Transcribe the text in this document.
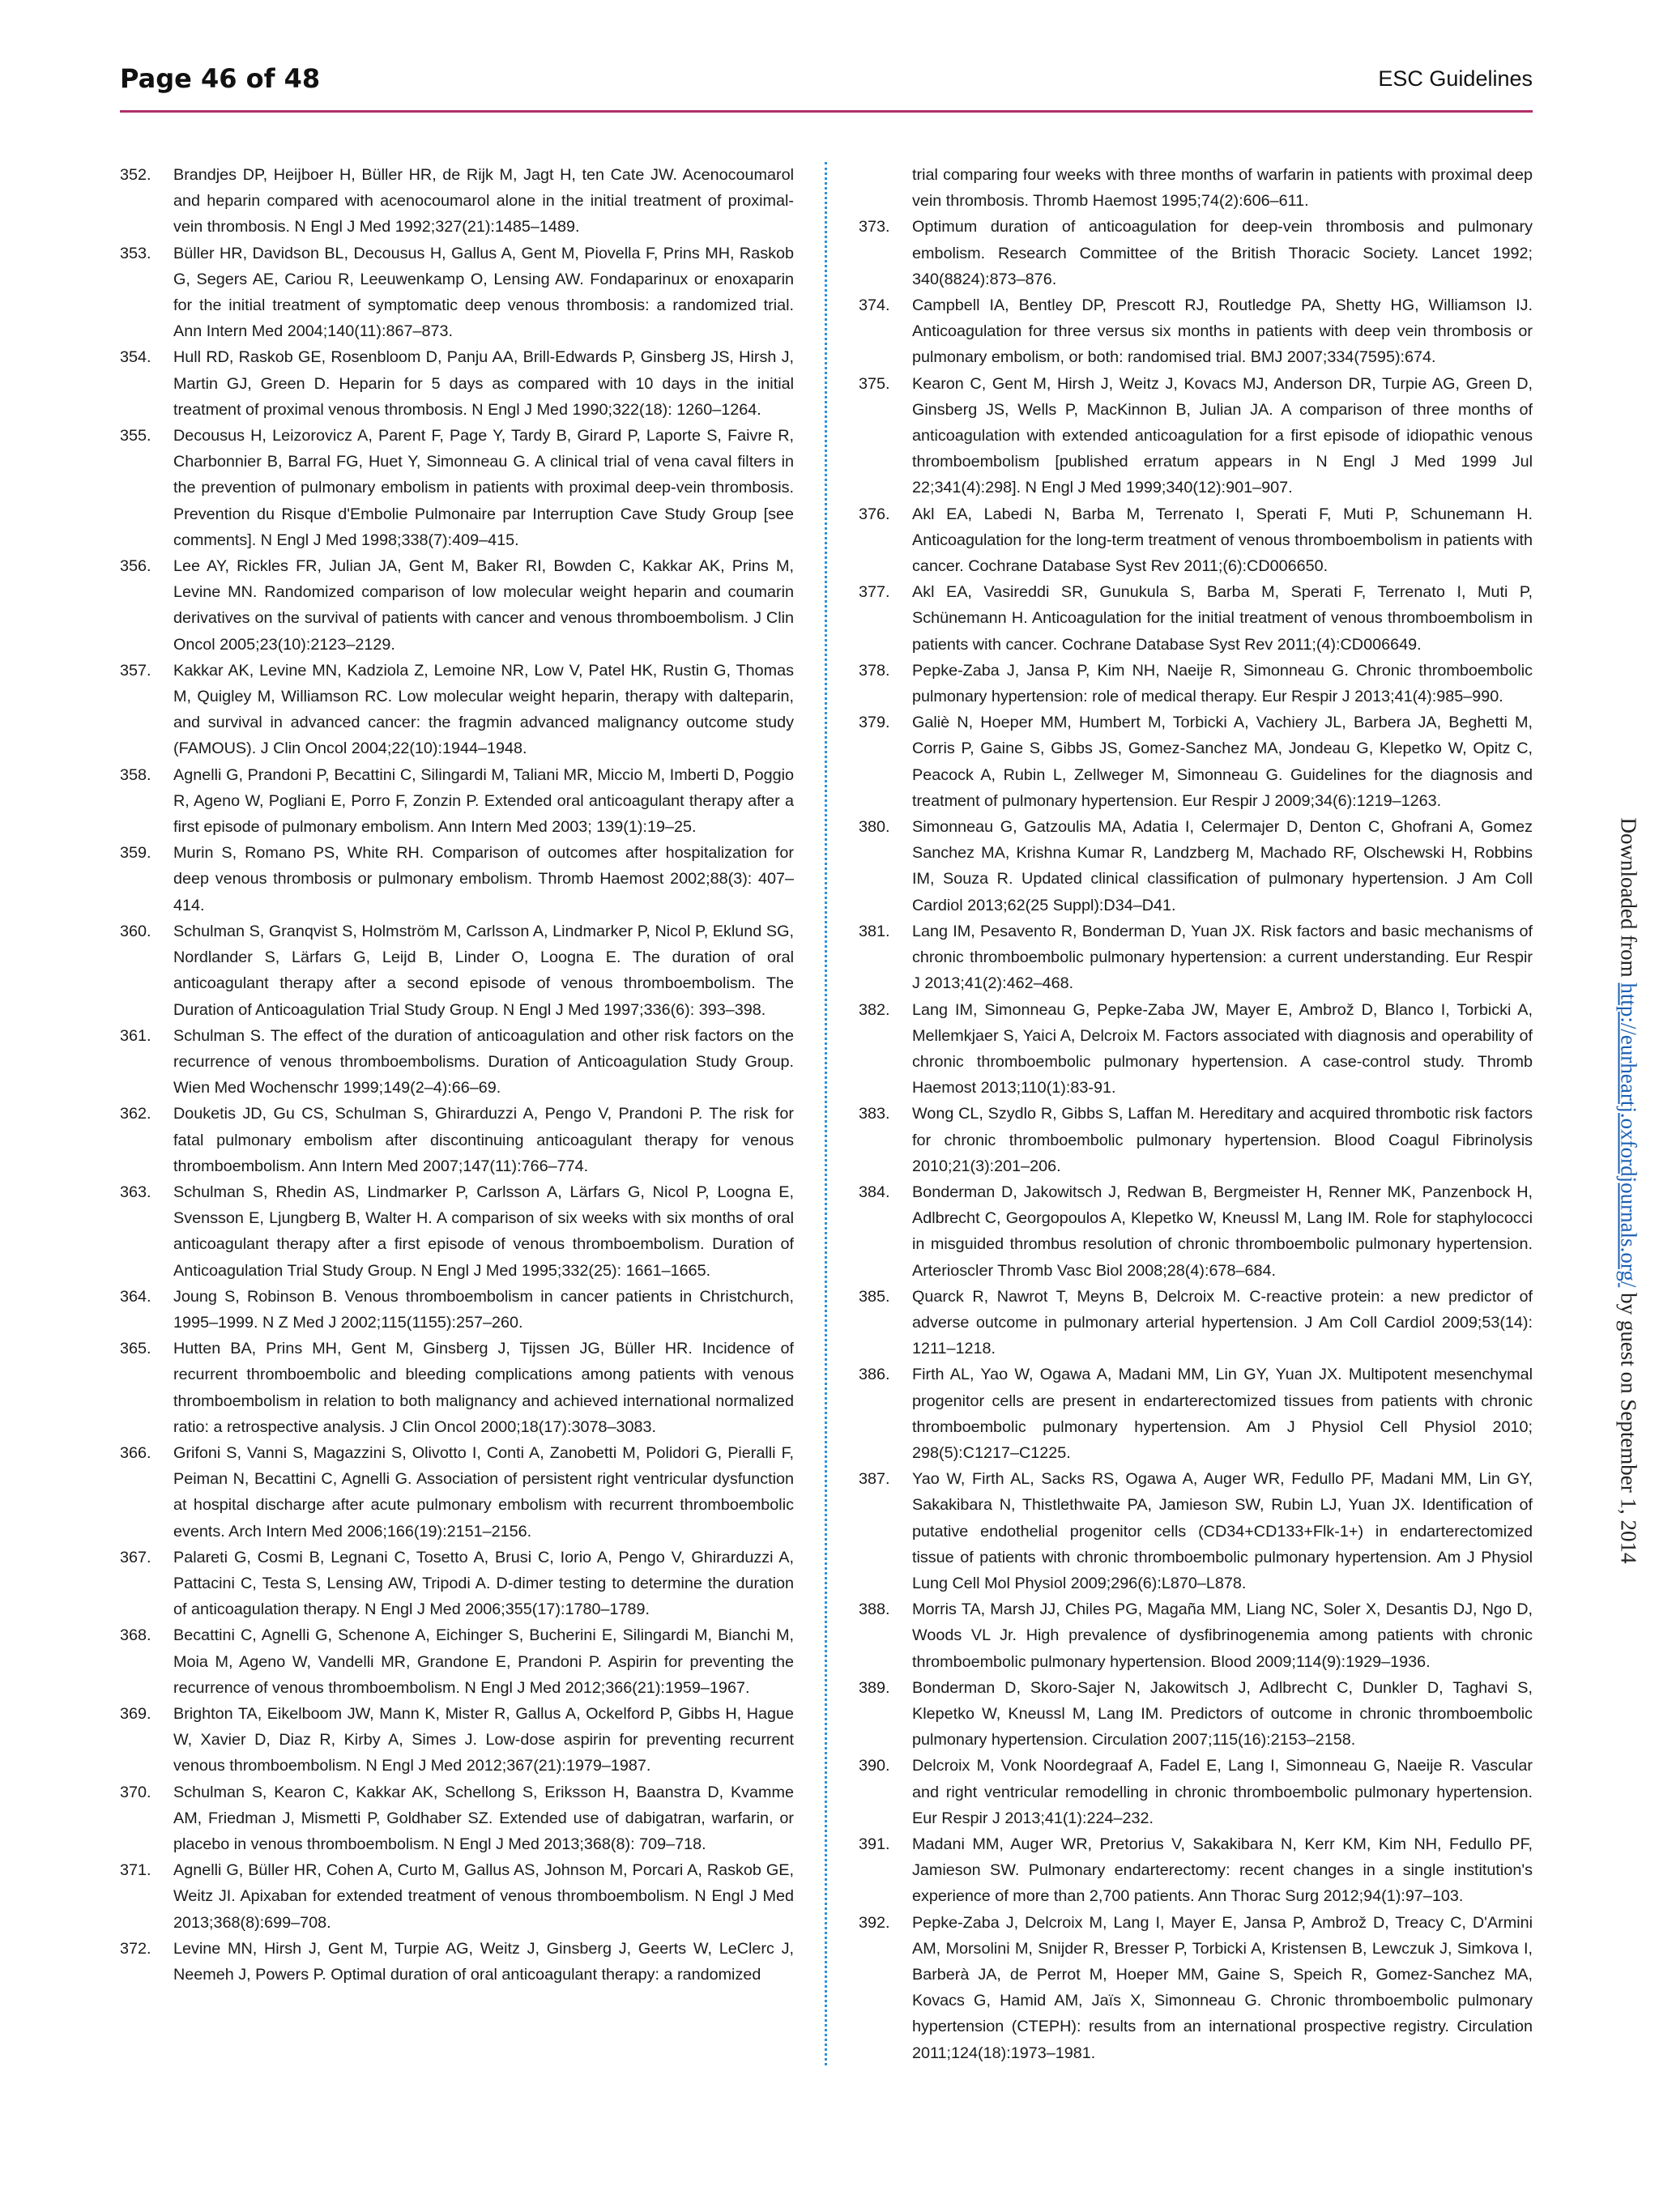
Page 46 of 48	ESC Guidelines

352. Brandjes DP, Heijboer H, Büller HR, de Rijk M, Jagt H, ten Cate JW. Acenocoumarol and heparin compared with acenocoumarol alone in the initial treatment of proximal-vein thrombosis. N Engl J Med 1992;327(21):1485–1489.

353. Büller HR, Davidson BL, Decousus H, Gallus A, Gent M, Piovella F, Prins MH, Raskob G, Segers AE, Cariou R, Leeuwenkamp O, Lensing AW. Fondaparinux or enoxaparin for the initial treatment of symptomatic deep venous thrombosis: a randomized trial. Ann Intern Med 2004;140(11):867–873.

354. Hull RD, Raskob GE, Rosenbloom D, Panju AA, Brill-Edwards P, Ginsberg JS, Hirsh J, Martin GJ, Green D. Heparin for 5 days as compared with 10 days in the initial treatment of proximal venous thrombosis. N Engl J Med 1990;322(18): 1260–1264.

355. Decousus H, Leizorovicz A, Parent F, Page Y, Tardy B, Girard P, Laporte S, Faivre R, Charbonnier B, Barral FG, Huet Y, Simonneau G. A clinical trial of vena caval filters in the prevention of pulmonary embolism in patients with proximal deep-vein thrombosis. Prevention du Risque d'Embolie Pulmonaire par Interruption Cave Study Group [see comments]. N Engl J Med 1998;338(7):409–415.

356. Lee AY, Rickles FR, Julian JA, Gent M, Baker RI, Bowden C, Kakkar AK, Prins M, Levine MN. Randomized comparison of low molecular weight heparin and coumarin derivatives on the survival of patients with cancer and venous thromboembolism. J Clin Oncol 2005;23(10):2123–2129.

357. Kakkar AK, Levine MN, Kadziola Z, Lemoine NR, Low V, Patel HK, Rustin G, Thomas M, Quigley M, Williamson RC. Low molecular weight heparin, therapy with dalteparin, and survival in advanced cancer: the fragmin advanced malignancy outcome study (FAMOUS). J Clin Oncol 2004;22(10):1944–1948.

358. Agnelli G, Prandoni P, Becattini C, Silingardi M, Taliani MR, Miccio M, Imberti D, Poggio R, Ageno W, Pogliani E, Porro F, Zonzin P. Extended oral anticoagulant therapy after a first episode of pulmonary embolism. Ann Intern Med 2003; 139(1):19–25.

359. Murin S, Romano PS, White RH. Comparison of outcomes after hospitalization for deep venous thrombosis or pulmonary embolism. Thromb Haemost 2002;88(3): 407–414.

360. Schulman S, Granqvist S, Holmström M, Carlsson A, Lindmarker P, Nicol P, Eklund SG, Nordlander S, Lärfars G, Leijd B, Linder O, Loogna E. The duration of oral anticoagulant therapy after a second episode of venous thromboembolism. The Duration of Anticoagulation Trial Study Group. N Engl J Med 1997;336(6): 393–398.

361. Schulman S. The effect of the duration of anticoagulation and other risk factors on the recurrence of venous thromboembolisms. Duration of Anticoagulation Study Group. Wien Med Wochenschr 1999;149(2–4):66–69.

362. Douketis JD, Gu CS, Schulman S, Ghirarduzzi A, Pengo V, Prandoni P. The risk for fatal pulmonary embolism after discontinuing anticoagulant therapy for venous thromboembolism. Ann Intern Med 2007;147(11):766–774.

363. Schulman S, Rhedin AS, Lindmarker P, Carlsson A, Lärfars G, Nicol P, Loogna E, Svensson E, Ljungberg B, Walter H. A comparison of six weeks with six months of oral anticoagulant therapy after a first episode of venous thromboembolism. Duration of Anticoagulation Trial Study Group. N Engl J Med 1995;332(25): 1661–1665.

364. Joung S, Robinson B. Venous thromboembolism in cancer patients in Christchurch, 1995–1999. N Z Med J 2002;115(1155):257–260.

365. Hutten BA, Prins MH, Gent M, Ginsberg J, Tijssen JG, Büller HR. Incidence of recurrent thromboembolic and bleeding complications among patients with venous thromboembolism in relation to both malignancy and achieved international normalized ratio: a retrospective analysis. J Clin Oncol 2000;18(17):3078–3083.

366. Grifoni S, Vanni S, Magazzini S, Olivotto I, Conti A, Zanobetti M, Polidori G, Pieralli F, Peiman N, Becattini C, Agnelli G. Association of persistent right ventricular dysfunction at hospital discharge after acute pulmonary embolism with recurrent thromboembolic events. Arch Intern Med 2006;166(19):2151–2156.

367. Palareti G, Cosmi B, Legnani C, Tosetto A, Brusi C, Iorio A, Pengo V, Ghirarduzzi A, Pattacini C, Testa S, Lensing AW, Tripodi A. D-dimer testing to determine the duration of anticoagulation therapy. N Engl J Med 2006;355(17):1780–1789.

368. Becattini C, Agnelli G, Schenone A, Eichinger S, Bucherini E, Silingardi M, Bianchi M, Moia M, Ageno W, Vandelli MR, Grandone E, Prandoni P. Aspirin for preventing the recurrence of venous thromboembolism. N Engl J Med 2012;366(21):1959–1967.

369. Brighton TA, Eikelboom JW, Mann K, Mister R, Gallus A, Ockelford P, Gibbs H, Hague W, Xavier D, Diaz R, Kirby A, Simes J. Low-dose aspirin for preventing recurrent venous thromboembolism. N Engl J Med 2012;367(21):1979–1987.

370. Schulman S, Kearon C, Kakkar AK, Schellong S, Eriksson H, Baanstra D, Kvamme AM, Friedman J, Mismetti P, Goldhaber SZ. Extended use of dabigatran, warfarin, or placebo in venous thromboembolism. N Engl J Med 2013;368(8): 709–718.

371. Agnelli G, Büller HR, Cohen A, Curto M, Gallus AS, Johnson M, Porcari A, Raskob GE, Weitz JI. Apixaban for extended treatment of venous thromboembolism. N Engl J Med 2013;368(8):699–708.

372. Levine MN, Hirsh J, Gent M, Turpie AG, Weitz J, Ginsberg J, Geerts W, LeClerc J, Neemeh J, Powers P. Optimal duration of oral anticoagulant therapy: a randomized

trial comparing four weeks with three months of warfarin in patients with proximal deep vein thrombosis. Thromb Haemost 1995;74(2):606–611.

373. Optimum duration of anticoagulation for deep-vein thrombosis and pulmonary embolism. Research Committee of the British Thoracic Society. Lancet 1992; 340(8824):873–876.

374. Campbell IA, Bentley DP, Prescott RJ, Routledge PA, Shetty HG, Williamson IJ. Anticoagulation for three versus six months in patients with deep vein thrombosis or pulmonary embolism, or both: randomised trial. BMJ 2007;334(7595):674.

375. Kearon C, Gent M, Hirsh J, Weitz J, Kovacs MJ, Anderson DR, Turpie AG, Green D, Ginsberg JS, Wells P, MacKinnon B, Julian JA. A comparison of three months of anticoagulation with extended anticoagulation for a first episode of idiopathic venous thromboembolism [published erratum appears in N Engl J Med 1999 Jul 22;341(4):298]. N Engl J Med 1999;340(12):901–907.

376. Akl EA, Labedi N, Barba M, Terrenato I, Sperati F, Muti P, Schunemann H. Anticoagulation for the long-term treatment of venous thromboembolism in patients with cancer. Cochrane Database Syst Rev 2011;(6):CD006650.

377. Akl EA, Vasireddi SR, Gunukula S, Barba M, Sperati F, Terrenato I, Muti P, Schünemann H. Anticoagulation for the initial treatment of venous thromboembolism in patients with cancer. Cochrane Database Syst Rev 2011;(4):CD006649.

378. Pepke-Zaba J, Jansa P, Kim NH, Naeije R, Simonneau G. Chronic thromboembolic pulmonary hypertension: role of medical therapy. Eur Respir J 2013;41(4):985–990.

379. Galiè N, Hoeper MM, Humbert M, Torbicki A, Vachiery JL, Barbera JA, Beghetti M, Corris P, Gaine S, Gibbs JS, Gomez-Sanchez MA, Jondeau G, Klepetko W, Opitz C, Peacock A, Rubin L, Zellweger M, Simonneau G. Guidelines for the diagnosis and treatment of pulmonary hypertension. Eur Respir J 2009;34(6):1219–1263.

380. Simonneau G, Gatzoulis MA, Adatia I, Celermajer D, Denton C, Ghofrani A, Gomez Sanchez MA, Krishna Kumar R, Landzberg M, Machado RF, Olschewski H, Robbins IM, Souza R. Updated clinical classification of pulmonary hypertension. J Am Coll Cardiol 2013;62(25 Suppl):D34–D41.

381. Lang IM, Pesavento R, Bonderman D, Yuan JX. Risk factors and basic mechanisms of chronic thromboembolic pulmonary hypertension: a current understanding. Eur Respir J 2013;41(2):462–468.

382. Lang IM, Simonneau G, Pepke-Zaba JW, Mayer E, Ambrož D, Blanco I, Torbicki A, Mellemkjaer S, Yaici A, Delcroix M. Factors associated with diagnosis and operability of chronic thromboembolic pulmonary hypertension. A case-control study. Thromb Haemost 2013;110(1):83-91.

383. Wong CL, Szydlo R, Gibbs S, Laffan M. Hereditary and acquired thrombotic risk factors for chronic thromboembolic pulmonary hypertension. Blood Coagul Fibrinolysis 2010;21(3):201–206.

384. Bonderman D, Jakowitsch J, Redwan B, Bergmeister H, Renner MK, Panzenbock H, Adlbrecht C, Georgopoulos A, Klepetko W, Kneussl M, Lang IM. Role for staphylococci in misguided thrombus resolution of chronic thromboembolic pulmonary hypertension. Arterioscler Thromb Vasc Biol 2008;28(4):678–684.

385. Quarck R, Nawrot T, Meyns B, Delcroix M. C-reactive protein: a new predictor of adverse outcome in pulmonary arterial hypertension. J Am Coll Cardiol 2009;53(14): 1211–1218.

386. Firth AL, Yao W, Ogawa A, Madani MM, Lin GY, Yuan JX. Multipotent mesenchymal progenitor cells are present in endarterectomized tissues from patients with chronic thromboembolic pulmonary hypertension. Am J Physiol Cell Physiol 2010; 298(5):C1217–C1225.

387. Yao W, Firth AL, Sacks RS, Ogawa A, Auger WR, Fedullo PF, Madani MM, Lin GY, Sakakibara N, Thistlethwaite PA, Jamieson SW, Rubin LJ, Yuan JX. Identification of putative endothelial progenitor cells (CD34+CD133+Flk-1+) in endarterectomized tissue of patients with chronic thromboembolic pulmonary hypertension. Am J Physiol Lung Cell Mol Physiol 2009;296(6):L870–L878.

388. Morris TA, Marsh JJ, Chiles PG, Magaña MM, Liang NC, Soler X, Desantis DJ, Ngo D, Woods VL Jr. High prevalence of dysfibrinogenemia among patients with chronic thromboembolic pulmonary hypertension. Blood 2009;114(9):1929–1936.

389. Bonderman D, Skoro-Sajer N, Jakowitsch J, Adlbrecht C, Dunkler D, Taghavi S, Klepetko W, Kneussl M, Lang IM. Predictors of outcome in chronic thromboembolic pulmonary hypertension. Circulation 2007;115(16):2153–2158.

390. Delcroix M, Vonk Noordegraaf A, Fadel E, Lang I, Simonneau G, Naeije R. Vascular and right ventricular remodelling in chronic thromboembolic pulmonary hypertension. Eur Respir J 2013;41(1):224–232.

391. Madani MM, Auger WR, Pretorius V, Sakakibara N, Kerr KM, Kim NH, Fedullo PF, Jamieson SW. Pulmonary endarterectomy: recent changes in a single institution's experience of more than 2,700 patients. Ann Thorac Surg 2012;94(1):97–103.

392. Pepke-Zaba J, Delcroix M, Lang I, Mayer E, Jansa P, Ambrož D, Treacy C, D'Armini AM, Morsolini M, Snijder R, Bresser P, Torbicki A, Kristensen B, Lewczuk J, Simkova I, Barberà JA, de Perrot M, Hoeper MM, Gaine S, Speich R, Gomez-Sanchez MA, Kovacs G, Hamid AM, Jaïs X, Simonneau G. Chronic thromboembolic pulmonary hypertension (CTEPH): results from an international prospective registry. Circulation 2011;124(18):1973–1981.

Downloaded from http://eurheartj.oxfordjournals.org/ by guest on September 1, 2014
